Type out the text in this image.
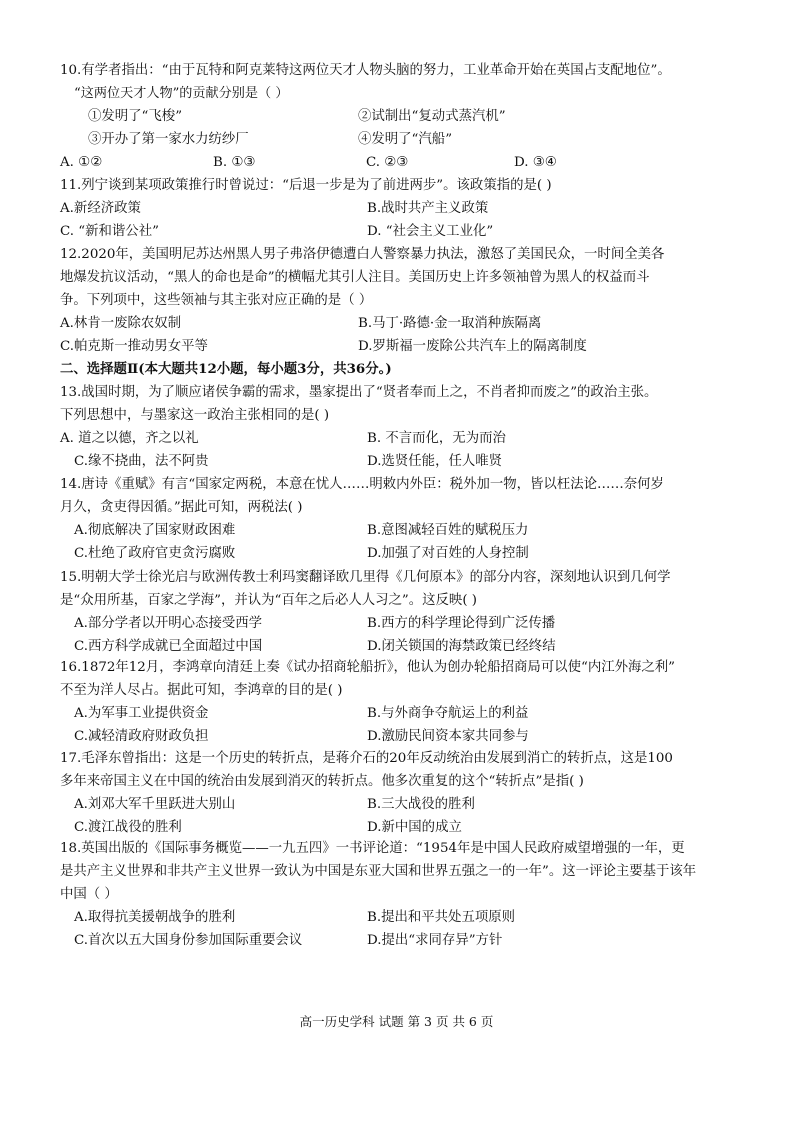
10.有学者指出：“由于瓦特和阿克莱特这两位天才人物头脑的努力，工业革命开始在英国占支配地位”。
“这两位天才人物”的贡献分别是（ ）
①发明了“飞梭”	②试制出“复动式蒸汽机”
③开办了第一家水力纺纱厂	④发明了“汽船”
A. ①②	B. ①③	C. ②③	D. ③④
11.列宁谈到某项政策推行时曾说过：“后退一步是为了前进两步”。该政策指的是( )
A.新经济政策	B.战时共产主义政策
C. “新和谐公社”	D. “社会主义工业化”
12.2020年，美国明尼苏达州黑人男子弗洛伊德遭白人警察暴力执法，激怒了美国民众，一时间全美各
地爆发抗议活动，“黑人的命也是命”的横幅尤其引人注目。美国历史上许多领袖曾为黑人的权益而斗
争。下列项中，这些领袖与其主张对应正确的是（ ）
A.林肯一废除农奴制	B.马丁·路德·金一取消种族隔离
C.帕克斯一推动男女平等	D.罗斯福一废除公共汽车上的隔离制度
二、选择题Ⅱ(本大题共12小题，每小题3分，共36分。)
13.战国时期，为了顺应诸侯争霸的需求，墨家提出了“贤者奉而上之，不肖者抑而废之”的政治主张。
下列思想中，与墨家这一政治主张相同的是( )
A. 道之以德，齐之以礼	B. 不言而化，无为而治
C.缘不挠曲，法不阿贵	D.选贤任能，任人唯贤
14.唐诗《重赋》有言“国家定两税，本意在忧人……明敕内外臣：税外加一物，皆以枉法论……奈何岁
月久，贪吏得因循。”据此可知，两税法( )
A.彻底解决了国家财政困难	B.意图减轻百姓的赋税压力
C.杜绝了政府官吏贪污腐败	D.加强了对百姓的人身控制
15.明朝大学士徐光启与欧洲传教士利玛窦翻译欧几里得《几何原本》的部分内容，深刻地认识到几何学
是“众用所基，百家之学海”，并认为“百年之后必人人习之”。这反映( )
A.部分学者以开明心态接受西学	B.西方的科学理论得到广泛传播
C.西方科学成就已全面超过中国	D.闭关锁国的海禁政策已经终结
16.1872年12月，李鸿章向清廷上奏《试办招商轮船折》，他认为创办轮船招商局可以使“内江外海之利”
不至为洋人尽占。据此可知，李鸿章的目的是( )
A.为军事工业提供资金	B.与外商争夺航运上的利益
C.减轻清政府财政负担	D.激励民间资本家共同参与
17.毛泽东曾指出：这是一个历史的转折点，是蒋介石的20年反动统治由发展到消亡的转折点，这是100
多年来帝国主义在中国的统治由发展到消灭的转折点。他多次重复的这个“转折点”是指( )
A.刘邓大军千里跃进大别山	B.三大战役的胜利
C.渡江战役的胜利	D.新中国的成立
18.英国出版的《国际事务概览——一九五四》一书评论道：“1954年是中国人民政府威望增强的一年，更
是共产主义世界和非共产主义世界一致认为中国是东亚大国和世界五强之一的一年”。这一评论主要基于该年
中国（ ）
A.取得抗美援朝战争的胜利	B.提出和平共处五项原则
C.首次以五大国身份参加国际重要会议	D.提出“求同存异”方针
高一历史学科 试题 第 3 页 共 6 页
